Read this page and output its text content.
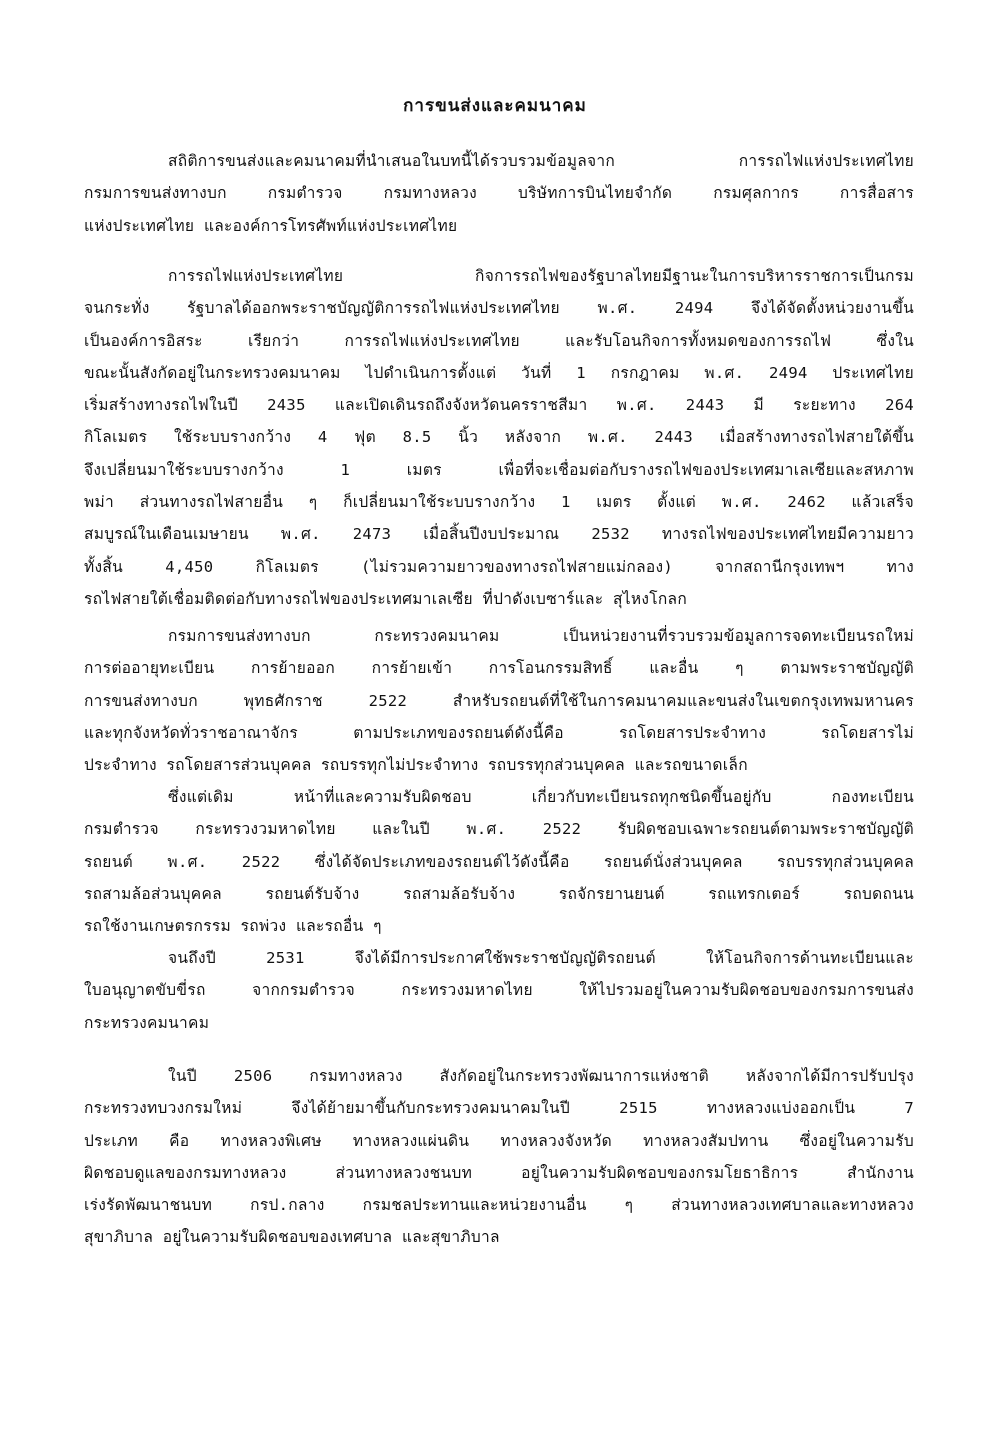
การขนส่งและคมนาคม
สถิติการขนส่งและคมนาคมที่นำเสนอในบทนี้ได้รวบรวมข้อมูลจาก การรถไฟแห่งประเทศไทย
กรมการขนส่งทางบก กรมตำรวจ กรมทางหลวง บริษัทการบินไทยจำกัด กรมศุลกากร การสื่อสาร
แห่งประเทศไทย และองค์การโทรศัพท์แห่งประเทศไทย
การรถไฟแห่งประเทศไทย กิจการรถไฟของรัฐบาลไทยมีฐานะในการบริหารราชการเป็นกรม
จนกระทั่ง รัฐบาลได้ออกพระราชบัญญัติการรถไฟแห่งประเทศไทย พ.ศ. 2494 จึงได้จัดตั้งหน่วยงานขึ้น
เป็นองค์การอิสระ เรียกว่า การรถไฟแห่งประเทศไทย และรับโอนกิจการทั้งหมดของการรถไฟ ซึ่งใน
ขณะนั้นสังกัดอยู่ในกระทรวงคมนาคม ไปดำเนินการตั้งแต่ วันที่ 1 กรกฎาคม พ.ศ. 2494 ประเทศไทย
เริ่มสร้างทางรถไฟในปี 2435 และเปิดเดินรถถึงจังหวัดนครราชสีมา พ.ศ. 2443 มี ระยะทาง 264
กิโลเมตร ใช้ระบบรางกว้าง 4 ฟุต 8.5 นิ้ว หลังจาก พ.ศ. 2443 เมื่อสร้างทางรถไฟสายใต้ขึ้น
จึงเปลี่ยนมาใช้ระบบรางกว้าง 1 เมตร เพื่อที่จะเชื่อมต่อกับรางรถไฟของประเทศมาเลเซียและสหภาพ
พม่า ส่วนทางรถไฟสายอื่น ๆ ก็เปลี่ยนมาใช้ระบบรางกว้าง 1 เมตร ตั้งแต่ พ.ศ. 2462 แล้วเสร็จ
สมบูรณ์ในเดือนเมษายน พ.ศ. 2473 เมื่อสิ้นปีงบประมาณ 2532 ทางรถไฟของประเทศไทยมีความยาว
ทั้งสิ้น 4,450 กิโลเมตร (ไม่รวมความยาวของทางรถไฟสายแม่กลอง) จากสถานีกรุงเทพฯ ทาง
รถไฟสายใต้เชื่อมติดต่อกับทางรถไฟของประเทศมาเลเซีย ที่ปาดังเบซาร์และ สุไหงโกลก
กรมการขนส่งทางบก กระทรวงคมนาคม เป็นหน่วยงานที่รวบรวมข้อมูลการจดทะเบียนรถใหม่
การต่ออายุทะเบียน การย้ายออก การย้ายเข้า การโอนกรรมสิทธิ์ และอื่น ๆ ตามพระราชบัญญัติ
การขนส่งทางบก พุทธศักราช 2522 สำหรับรถยนต์ที่ใช้ในการคมนาคมและขนส่งในเขตกรุงเทพมหานคร
และทุกจังหวัดทั่วราชอาณาจักร ตามประเภทของรถยนต์ดังนี้คือ รถโดยสารประจำทาง รถโดยสารไม่
ประจำทาง รถโดยสารส่วนบุคคล รถบรรทุกไม่ประจำทาง รถบรรทุกส่วนบุคคล และรถขนาดเล็ก
ซึ่งแต่เดิม หน้าที่และความรับผิดชอบ เกี่ยวกับทะเบียนรถทุกชนิดขึ้นอยู่กับ กองทะเบียน
กรมตำรวจ กระทรวงวมหาดไทย และในปี พ.ศ. 2522 รับผิดชอบเฉพาะรถยนต์ตามพระราชบัญญัติ
รถยนต์ พ.ศ. 2522 ซึ่งได้จัดประเภทของรถยนต์ไว้ดังนี้คือ รถยนต์นั่งส่วนบุคคล รถบรรทุกส่วนบุคคล
รถสามล้อส่วนบุคคล รถยนต์รับจ้าง รถสามล้อรับจ้าง รถจักรยานยนต์ รถแทรกเตอร์ รถบดถนน
รถใช้งานเกษตรกรรม รถพ่วง และรถอื่น ๆ
จนถึงปี 2531 จึงได้มีการประกาศใช้พระราชบัญญัติรถยนต์ ให้โอนกิจการด้านทะเบียนและ
ใบอนุญาตขับขี่รถ จากกรมตำรวจ กระทรวงมหาดไทย ให้ไปรวมอยู่ในความรับผิดชอบของกรมการขนส่ง
กระทรวงคมนาคม
ในปี 2506 กรมทางหลวง สังกัดอยู่ในกระทรวงพัฒนาการแห่งชาติ หลังจากได้มีการปรับปรุง
กระทรวงทบวงกรมใหม่ จึงได้ย้ายมาขึ้นกับกระทรวงคมนาคมในปี 2515 ทางหลวงแบ่งออกเป็น 7
ประเภท คือ ทางหลวงพิเศษ ทางหลวงแผ่นดิน ทางหลวงจังหวัด ทางหลวงสัมปทาน ซึ่งอยู่ในความรับ
ผิดชอบดูแลของกรมทางหลวง ส่วนทางหลวงชนบท อยู่ในความรับผิดชอบของกรมโยธาธิการ สำนักงาน
เร่งรัดพัฒนาชนบท กรป.กลาง กรมชลประทานและหน่วยงานอื่น ๆ ส่วนทางหลวงเทศบาลและทางหลวง
สุขาภิบาล อยู่ในความรับผิดชอบของเทศบาล และสุขาภิบาล
